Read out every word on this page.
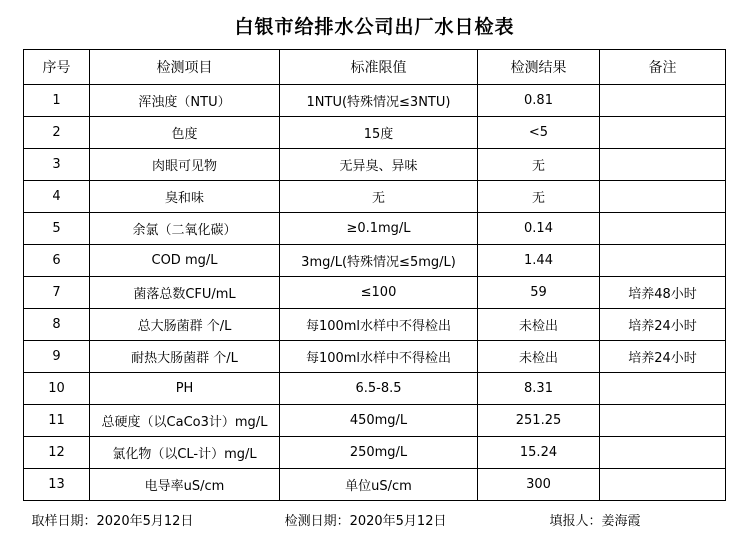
白银市给排水公司出厂水日检表
序号	检测项目	标准限值	检测结果	备注
1	浑浊度（NTU）	1NTU(特殊情况≤3NTU)	0.81	
2	色度	15度	<5	
3	肉眼可见物	无异臭、异味	无	
4	臭和味	无	无	
5	余氯（二氧化碳）	≥0.1mg/L	0.14	
6	COD mg/L	3mg/L(特殊情况≤5mg/L)	1.44	
7	菌落总数CFU/mL	≤100	59	培养48小时
8	总大肠菌群 个/L	每100ml水样中不得检出	未检出	培养24小时
9	耐热大肠菌群 个/L	每100ml水样中不得检出	未检出	培养24小时
10	PH	6.5-8.5	8.31	
11	总硬度（以CaCo3计）mg/L	450mg/L	251.25	
12	氯化物（以CL-计）mg/L	250mg/L	15.24	
13	电导率uS/cm	单位uS/cm	300	
取样日期：2020年5月12日	检测日期：2020年5月12日	填报人：姜海霞
